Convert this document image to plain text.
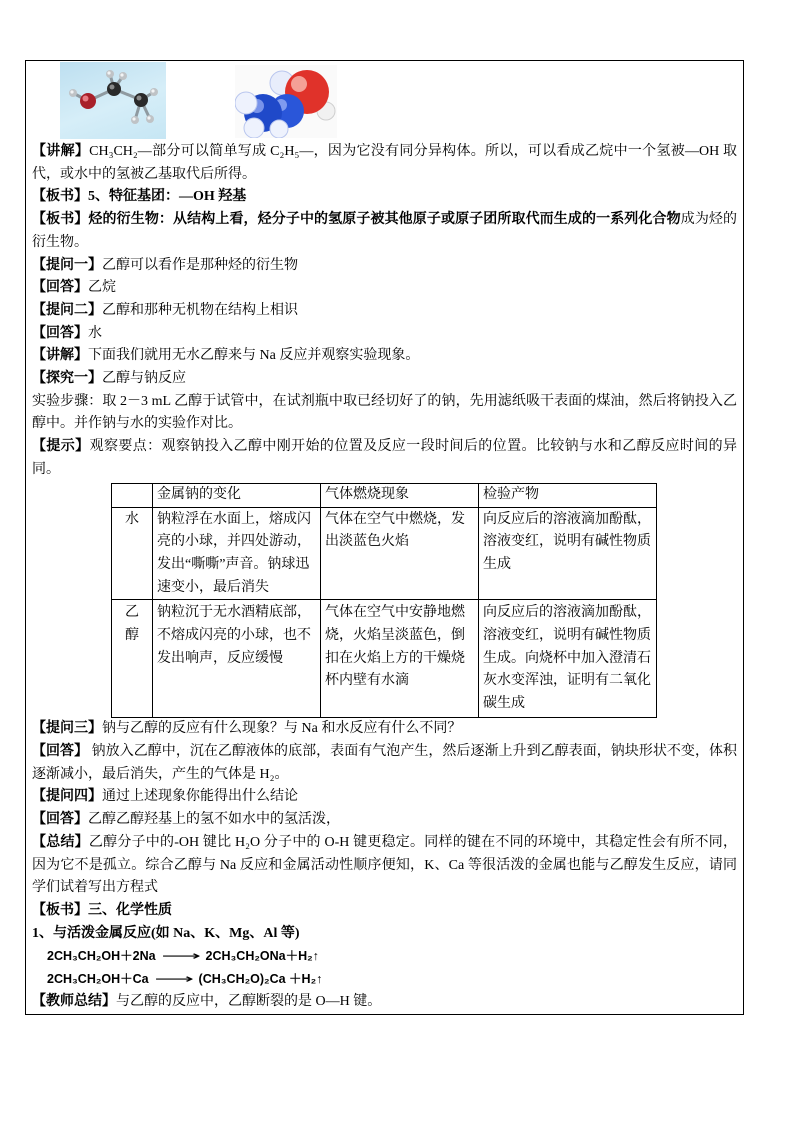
【讲解】CH₃CH₂—部分可以简单写成 C₂H₅—，因为它没有同分异构体。所以，可以看成乙烷中一个氢被—OH 取代，或水中的氢被乙基取代后所得。

【板书】5、特征基团：—OH 羟基

【板书】烃的衍生物：从结构上看，烃分子中的氢原子被其他原子或原子团所取代而生成的一系列化合物成为烃的衍生物。

【提问一】乙醇可以看作是那种烃的衍生物

【回答】乙烷

【提问二】乙醇和那种无机物在结构上相识

【回答】水

【讲解】下面我们就用无水乙醇来与 Na 反应并观察实验现象。

【探究一】乙醇与钠反应

实验步骤：取 2－3 mL 乙醇于试管中，在试剂瓶中取已经切好了的钠，先用滤纸吸干表面的煤油，然后将钠投入乙醇中。并作钠与水的实验作对比。

【提示】观察要点：观察钠投入乙醇中刚开始的位置及反应一段时间后的位置。比较钠与水和乙醇反应时间的异同。

	金属钠的变化	气体燃烧现象	检验产物
水	钠粒浮在水面上，熔成闪亮的小球，并四处游动，发出“嘶嘶”声音。钠球迅速变小，最后消失	气体在空气中燃烧，发出淡蓝色火焰	向反应后的溶液滴加酚酞，溶液变红，说明有碱性物质生成
乙醇	钠粒沉于无水酒精底部，不熔成闪亮的小球，也不发出响声，反应缓慢	气体在空气中安静地燃烧，火焰呈淡蓝色，倒扣在火焰上方的干燥烧杯内壁有水滴	向反应后的溶液滴加酚酞，溶液变红，说明有碱性物质生成。向烧杯中加入澄清石灰水变浑浊，证明有二氧化碳生成

【提问三】钠与乙醇的反应有什么现象？与 Na 和水反应有什么不同？

【回答】 钠放入乙醇中，沉在乙醇液体的底部，表面有气泡产生，然后逐渐上升到乙醇表面，钠块形状不变，体积逐渐减小，最后消失，产生的气体是 H₂。

【提问四】通过上述现象你能得出什么结论

【回答】乙醇乙醇羟基上的氢不如水中的氢活泼，

【总结】乙醇分子中的-OH 键比 H₂O 分子中的 O-H 键更稳定。同样的键在不同的环境中，其稳定性会有所不同，因为它不是孤立。综合乙醇与 Na 反应和金属活动性顺序便知，K、Ca 等很活泼的金属也能与乙醇发生反应，请同学们试着写出方程式

【板书】三、化学性质

1、与活泼金属反应(如 Na、K、Mg、Al 等)

2CH₃CH₂OH＋2Na ⟶ 2CH₃CH₂ONa＋H₂↑

2CH₃CH₂OH＋Ca ⟶ (CH₃CH₂O)₂Ca ＋H₂↑

【教师总结】与乙醇的反应中，乙醇断裂的是 O—H 键。
